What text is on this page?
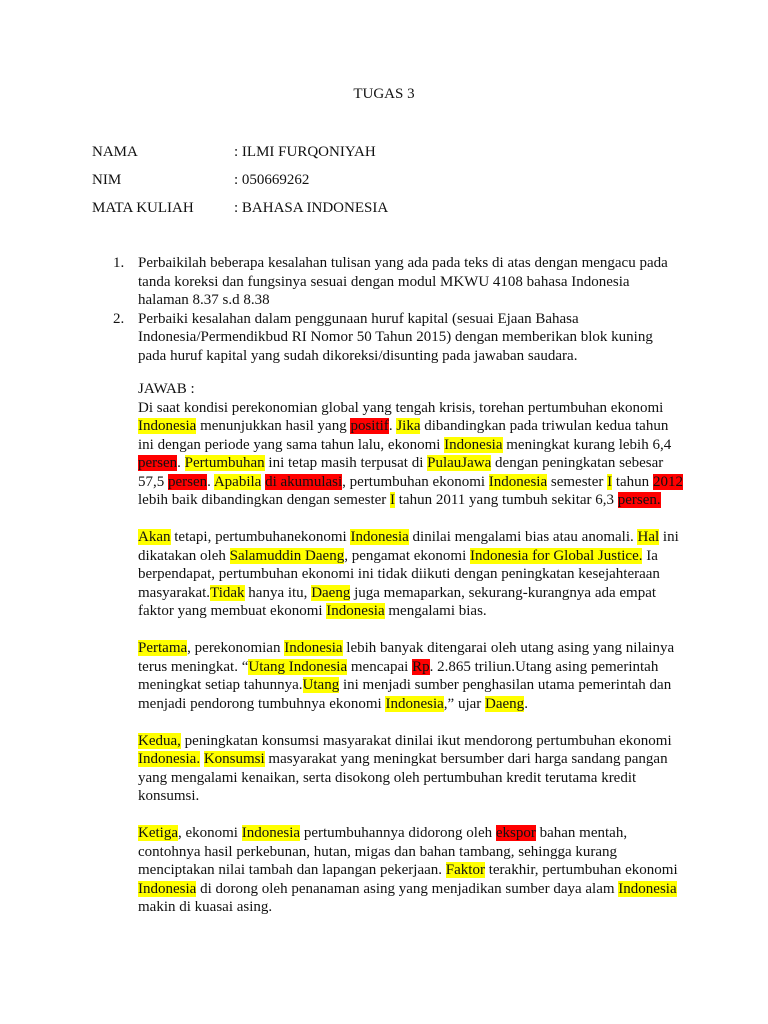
TUGAS 3
NAMA	: ILMI FURQONIYAH
NIM	: 050669262
MATA KULIAH	: BAHASA INDONESIA

1. Perbaikilah beberapa kesalahan tulisan yang ada pada teks di atas dengan mengacu pada tanda koreksi dan fungsinya sesuai dengan modul MKWU 4108 bahasa Indonesia halaman 8.37 s.d 8.38

2. Perbaiki kesalahan dalam penggunaan huruf kapital (sesuai Ejaan Bahasa Indonesia/Permendikbud RI Nomor 50 Tahun 2015) dengan memberikan blok kuning pada huruf kapital yang sudah dikoreksi/disunting pada jawaban saudara.

JAWAB :

Di saat kondisi perekonomian global yang tengah krisis, torehan pertumbuhan ekonomi Indonesia menunjukkan hasil yang positif. Jika dibandingkan pada triwulan kedua tahun ini dengan periode yang sama tahun lalu, ekonomi Indonesia meningkat kurang lebih 6,4 persen. Pertumbuhan ini tetap masih terpusat di PulauJawa dengan peningkatan sebesar 57,5 persen. Apabila di akumulasi, pertumbuhan ekonomi Indonesia semester I tahun 2012 lebih baik dibandingkan dengan semester I tahun 2011 yang tumbuh sekitar 6,3 persen.

Akan tetapi, pertumbuhanekonomi Indonesia dinilai mengalami bias atau anomali. Hal ini dikatakan oleh Salamuddin Daeng, pengamat ekonomi Indonesia for Global Justice. Ia berpendapat, pertumbuhan ekonomi ini tidak diikuti dengan peningkatan kesejahteraan masyarakat.Tidak hanya itu, Daeng juga memaparkan, sekurang-kurangnya ada empat faktor yang membuat ekonomi Indonesia mengalami bias.

Pertama, perekonomian Indonesia lebih banyak ditengarai oleh utang asing yang nilainya terus meningkat. “Utang Indonesia mencapai Rp. 2.865 triliun.Utang asing pemerintah meningkat setiap tahunnya.Utang ini menjadi sumber penghasilan utama pemerintah dan menjadi pendorong tumbuhnya ekonomi Indonesia,” ujar Daeng.

Kedua, peningkatan konsumsi masyarakat dinilai ikut mendorong pertumbuhan ekonomi Indonesia. Konsumsi masyarakat yang meningkat bersumber dari harga sandang pangan yang mengalami kenaikan, serta disokong oleh pertumbuhan kredit terutama kredit konsumsi.

Ketiga, ekonomi Indonesia pertumbuhannya didorong oleh ekspor bahan mentah, contohnya hasil perkebunan, hutan, migas dan bahan tambang, sehingga kurang menciptakan nilai tambah dan lapangan pekerjaan. Faktor terakhir, pertumbuhan ekonomi Indonesia di dorong oleh penanaman asing yang menjadikan sumber daya alam Indonesia makin di kuasai asing.
